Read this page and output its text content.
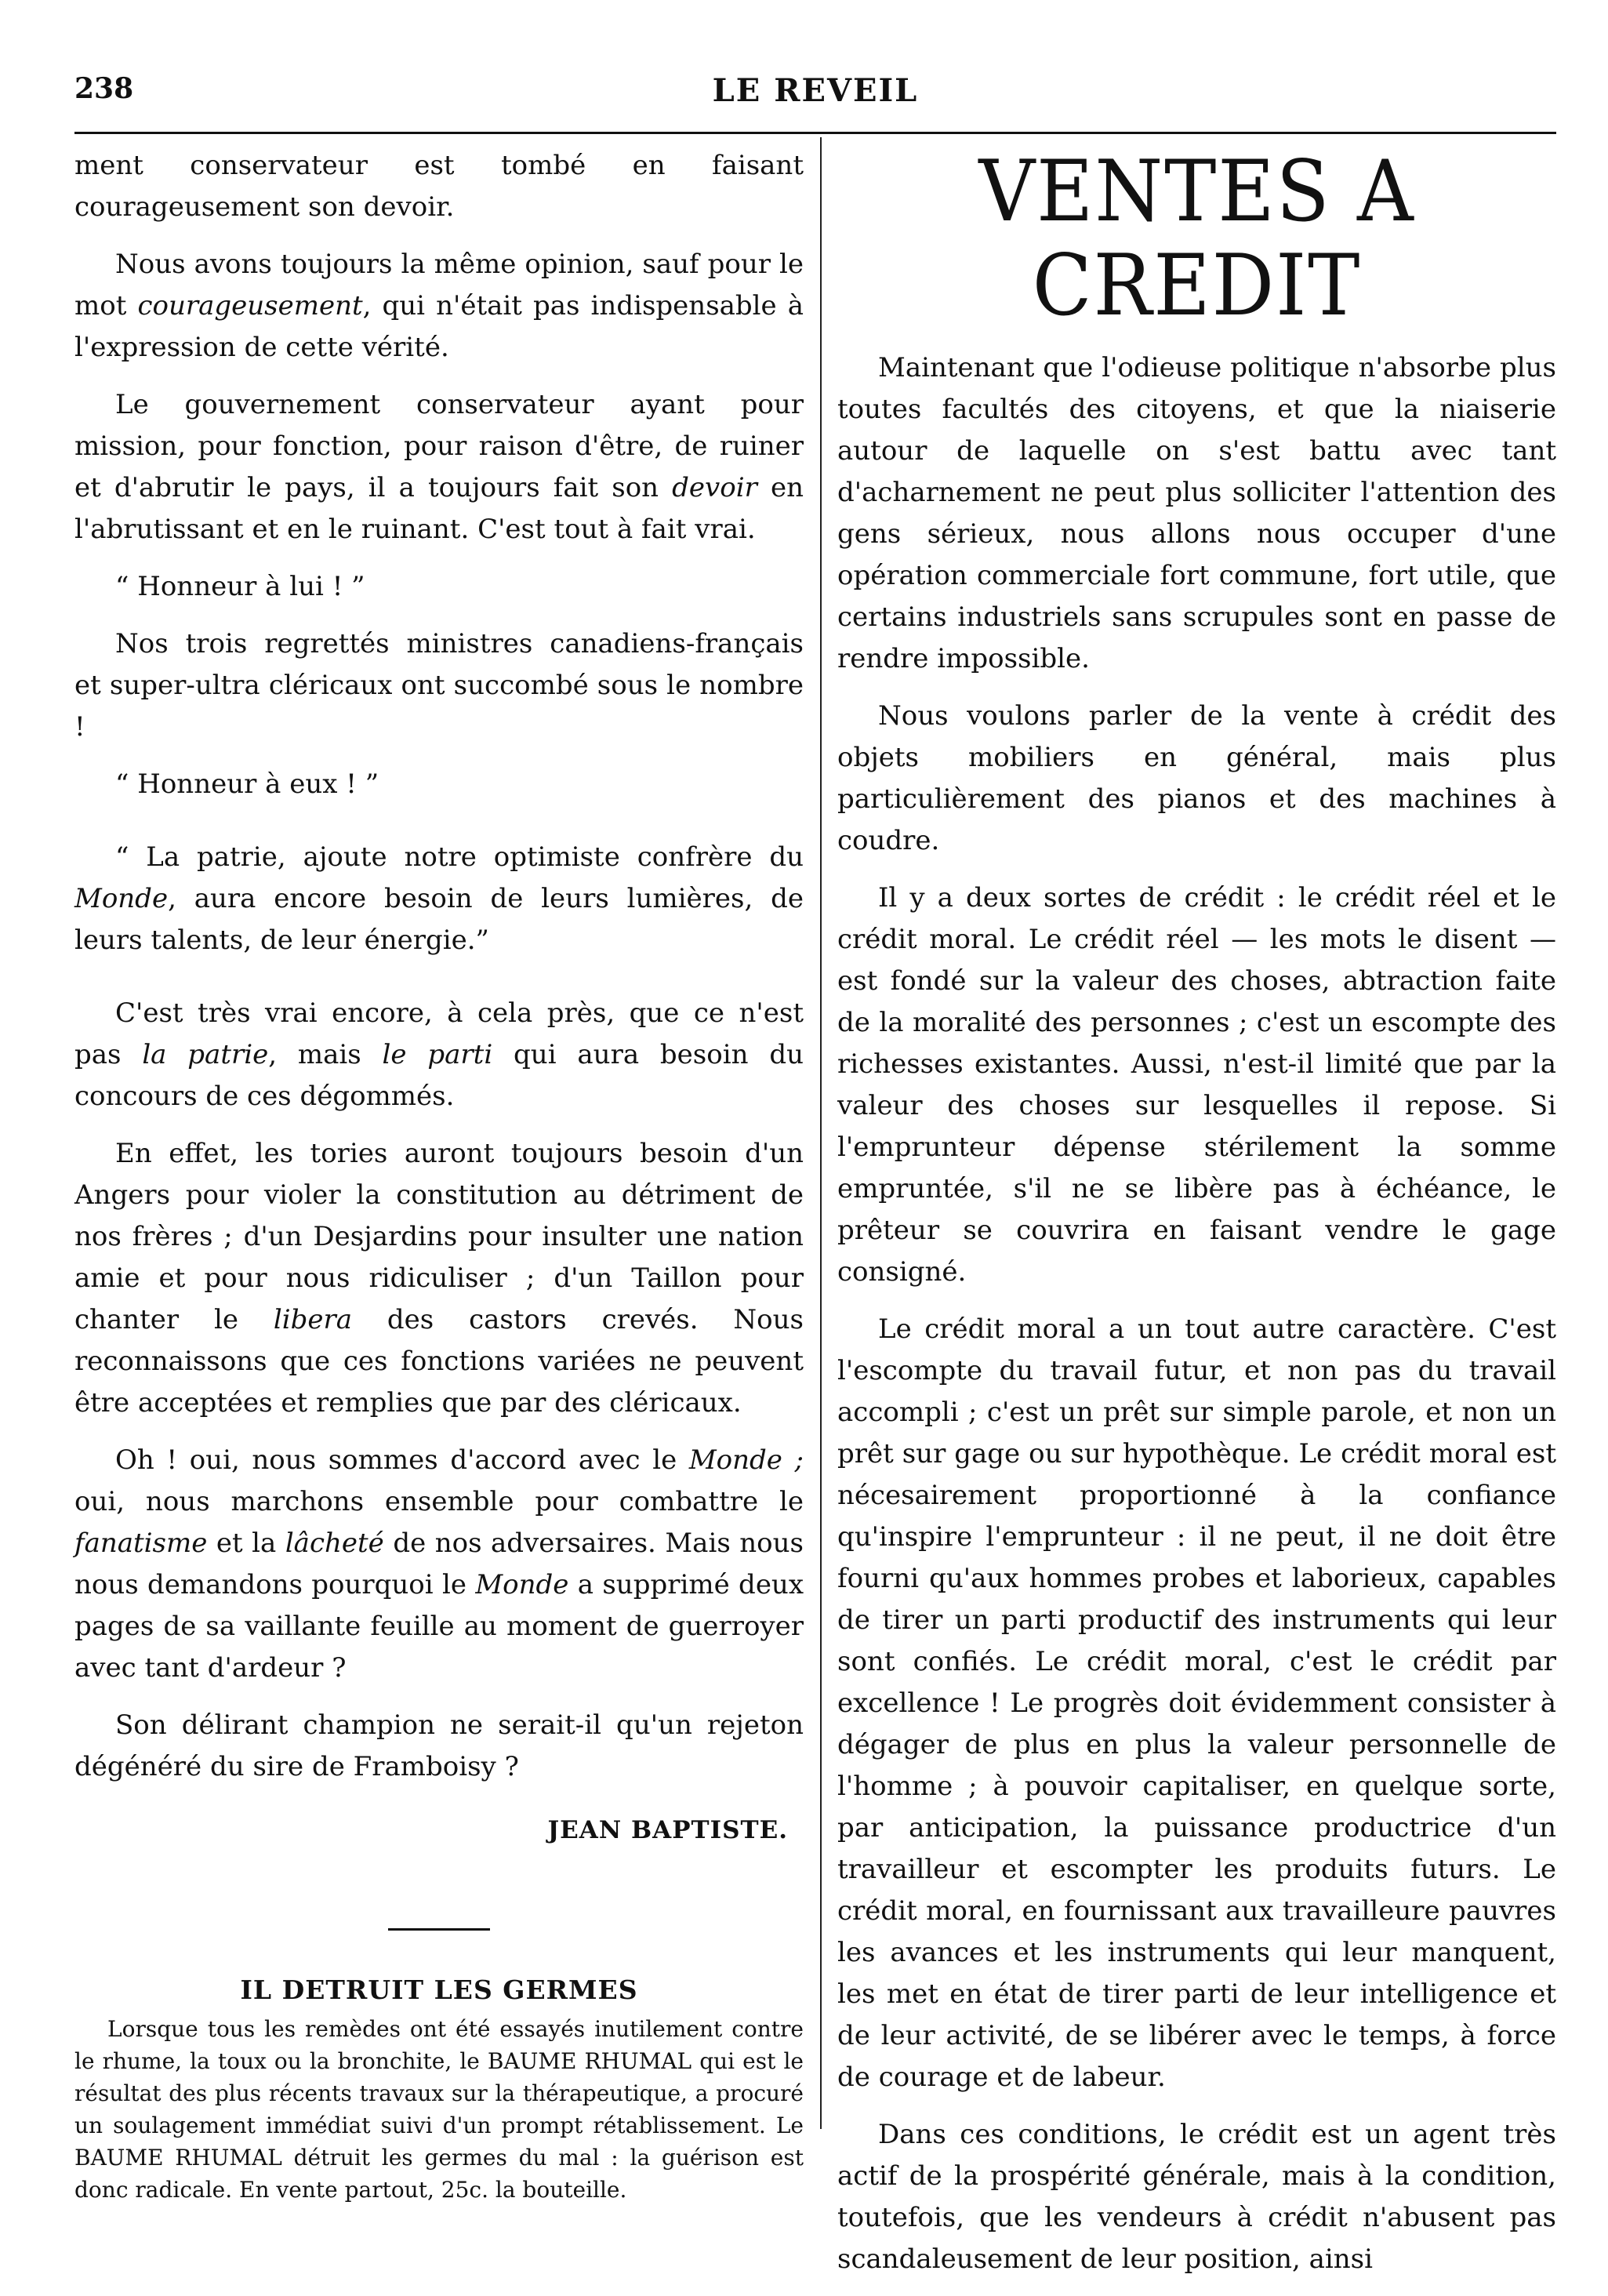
238	LE REVEIL

ment conservateur est tombé en faisant courageusement son devoir.

Nous avons toujours la même opinion, sauf pour le mot courageusement, qui n'était pas indispensable à l'expression de cette vérité.

Le gouvernement conservateur ayant pour mission, pour fonction, pour raison d'être, de ruiner et d'abrutir le pays, il a toujours fait son devoir en l'abrutissant et en le ruinant. C'est tout à fait vrai.

“ Honneur à lui ! ”

Nos trois regrettés ministres canadiens-français et super-ultra cléricaux ont succombé sous le nombre !

“ Honneur à eux ! ”

“ La patrie, ajoute notre optimiste confrère du Monde, aura encore besoin de leurs lumières, de leurs talents, de leur énergie.”

C'est très vrai encore, à cela près, que ce n'est pas la patrie, mais le parti qui aura besoin du concours de ces dégommés.

En effet, les tories auront toujours besoin d'un Angers pour violer la constitution au détriment de nos frères ; d'un Desjardins pour insulter une nation amie et pour nous ridiculiser ; d'un Taillon pour chanter le libera des castors crevés. Nous reconnaissons que ces fonctions variées ne peuvent être acceptées et remplies que par des cléricaux.

Oh ! oui, nous sommes d'accord avec le Monde ; oui, nous marchons ensemble pour combattre le fanatisme et la lâcheté de nos adversaires. Mais nous nous demandons pourquoi le Monde a supprimé deux pages de sa vaillante feuille au moment de guerroyer avec tant d'ardeur ?

Son délirant champion ne serait-il qu'un rejeton dégénéré du sire de Framboisy ?

JEAN BAPTISTE.
IL DETRUIT LES GERMES

Lorsque tous les remèdes ont été essayés inutilement contre le rhume, la toux ou la bronchite, le BAUME RHUMAL qui est le résultat des plus récents travaux sur la thérapeutique, a procuré un soulagement immédiat suivi d'un prompt rétablissement. Le BAUME RHUMAL détruit les germes du mal : la guérison est donc radicale. En vente partout, 25c. la bouteille.

VENTES A CREDIT

Maintenant que l'odieuse politique n'absorbe plus toutes facultés des citoyens, et que la niaiserie autour de laquelle on s'est battu avec tant d'acharnement ne peut plus solliciter l'attention des gens sérieux, nous allons nous occuper d'une opération commerciale fort commune, fort utile, que certains industriels sans scrupules sont en passe de rendre impossible.

Nous voulons parler de la vente à crédit des objets mobiliers en général, mais plus particulièrement des pianos et des machines à coudre.

Il y a deux sortes de crédit : le crédit réel et le crédit moral. Le crédit réel — les mots le disent — est fondé sur la valeur des choses, abtraction faite de la moralité des personnes ; c'est un escompte des richesses existantes. Aussi, n'est-il limité que par la valeur des choses sur lesquelles il repose. Si l'emprunteur dépense stérilement la somme empruntée, s'il ne se libère pas à échéance, le prêteur se couvrira en faisant vendre le gage consigné.

Le crédit moral a un tout autre caractère. C'est l'escompte du travail futur, et non pas du travail accompli ; c'est un prêt sur simple parole, et non un prêt sur gage ou sur hypothèque. Le crédit moral est nécesairement proportionné à la confiance qu'inspire l'emprunteur : il ne peut, il ne doit être fourni qu'aux hommes probes et laborieux, capables de tirer un parti productif des instruments qui leur sont confiés. Le crédit moral, c'est le crédit par excellence ! Le progrès doit évidemment consister à dégager de plus en plus la valeur personnelle de l'homme ; à pouvoir capitaliser, en quelque sorte, par anticipation, la puissance productrice d'un travailleur et escompter les produits futurs. Le crédit moral, en fournissant aux travailleure pauvres les avances et les instruments qui leur manquent, les met en état de tirer parti de leur intelligence et de leur activité, de se libérer avec le temps, à force de courage et de labeur.

Dans ces conditions, le crédit est un agent très actif de la prospérité générale, mais à la condition, toutefois, que les vendeurs à crédit n'abusent pas scandaleusement de leur position, ainsi
